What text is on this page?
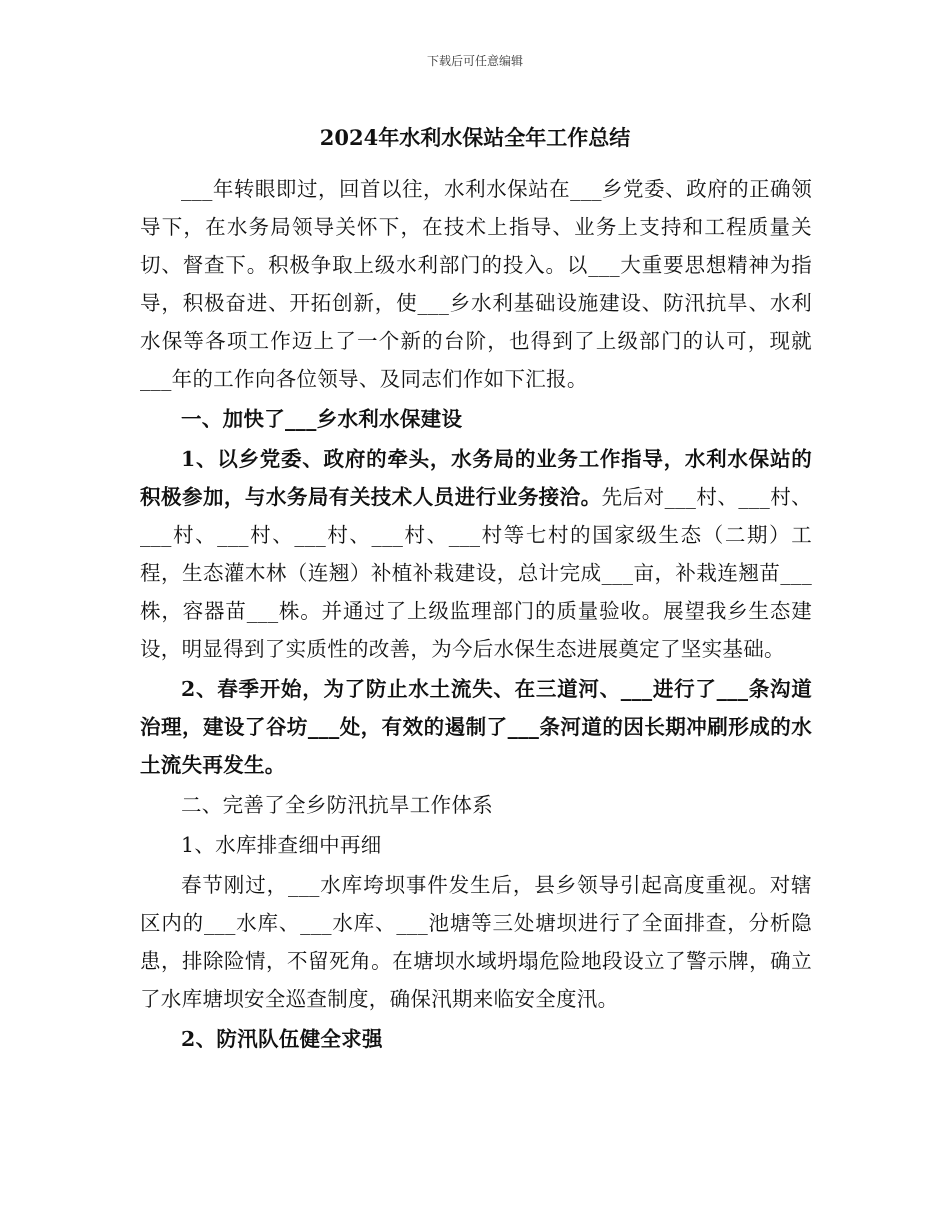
下载后可任意编辑
2024年水利水保站全年工作总结

___年转眼即过，回首以往，水利水保站在___乡党委、政府的正确领导下，在水务局领导关怀下，在技术上指导、业务上支持和工程质量关切、督查下。积极争取上级水利部门的投入。以___大重要思想精神为指导，积极奋进、开拓创新，使___乡水利基础设施建设、防汛抗旱、水利水保等各项工作迈上了一个新的台阶，也得到了上级部门的认可，现就___年的工作向各位领导、及同志们作如下汇报。

一、加快了___乡水利水保建设

1、以乡党委、政府的牵头，水务局的业务工作指导，水利水保站的积极参加，与水务局有关技术人员进行业务接洽。先后对___村、___村、___村、___村、___村、___村、___村等七村的国家级生态（二期）工程，生态灌木林（连翘）补植补栽建设，总计完成___亩，补栽连翘苗___株，容器苗___株。并通过了上级监理部门的质量验收。展望我乡生态建设，明显得到了实质性的改善，为今后水保生态进展奠定了坚实基础。

2、春季开始，为了防止水土流失、在三道河、___进行了___条沟道治理，建设了谷坊___处，有效的遏制了___条河道的因长期冲刷形成的水土流失再发生。

二、完善了全乡防汛抗旱工作体系

1、水库排查细中再细

春节刚过，___水库垮坝事件发生后，县乡领导引起高度重视。对辖区内的___水库、___水库、___池塘等三处塘坝进行了全面排查，分析隐患，排除险情，不留死角。在塘坝水域坍塌危险地段设立了警示牌，确立了水库塘坝安全巡查制度，确保汛期来临安全度汛。

2、防汛队伍健全求强
